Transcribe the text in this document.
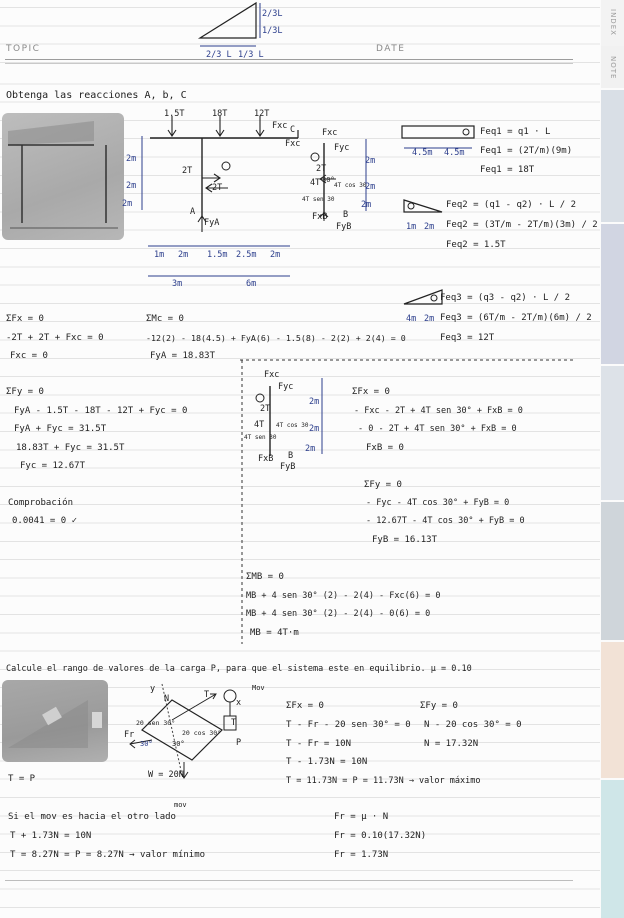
INDEX
NOTE
TOPIC	DATE
2/3L
1/3L
2/3 L 1/3 L
Obtenga las reacciones A, b, C
1.5T	18T	12T
Fxc C
Fxc
2T
2T
A
FyA
2m
2m
2m
1m 2m 1.5m 2.5m 2m
3m	6m
Fxc
Fyc
2T
4T 30°
4T cos 30
4T sen 30
FxB B
FyB
2m
2m
2m
4.5m 4.5m
Feq1 = q1 · L
Feq1 = (2T/m)(9m)
Feq1 = 18T
1m 2m
Feq2 = (q1 - q2) · L / 2
Feq2 = (3T/m - 2T/m)(3m) / 2
Feq2 = 1.5T
4m 2m
Feq3 = (q3 - q2) · L / 2
Feq3 = (6T/m - 2T/m)(6m) / 2
Feq3 = 12T
ΣFx = 0
-2T + 2T + Fxc = 0
Fxc = 0
ΣMc = 0
-12(2) - 18(4.5) + FyA(6) - 1.5(8) - 2(2) + 2(4) = 0
FyA = 18.83T
ΣFy = 0
FyA - 1.5T - 18T - 12T + Fyc = 0
FyA + Fyc = 31.5T
18.83T + Fyc = 31.5T
Fyc = 12.67T
Comprobación
0.0041 = 0 ✓
Fxc
Fyc
2T
4T 4T cos 30
4T sen 30
FxB B
FyB
2m
2m
2m
ΣFx = 0
- Fxc - 2T + 4T sen 30° + FxB = 0
- 0 - 2T + 4T sen 30° + FxB = 0
FxB = 0
ΣFy = 0
- Fyc - 4T cos 30° + FyB = 0
- 12.67T - 4T cos 30° + FyB = 0
FyB = 16.13T
ΣMB = 0
MB + 4 sen 30° (2) - 2(4) - Fxc(6) = 0
MB + 4 sen 30° (2) - 2(4) - 0(6) = 0
MB = 4T·m
Calcule el rango de valores de la carga P, para que el sistema este en equilibrio. μ = 0.10
y
N	T
Fr
30°
20 sen 30°
20 cos 30°
30°
W = 20N
Mov
T
P
x
T = P
ΣFx = 0
T - Fr - 20 sen 30° = 0
T - Fr = 10N
T - 1.73N = 10N
T = 11.73N = P = 11.73N → valor máximo
ΣFy = 0
N - 20 cos 30° = 0
N = 17.32N
Si el mov es hacia el otro lado
mov
T + 1.73N = 10N
T = 8.27N = P = 8.27N → valor mínimo
Fr = μ · N
Fr = 0.10(17.32N)
Fr = 1.73N
